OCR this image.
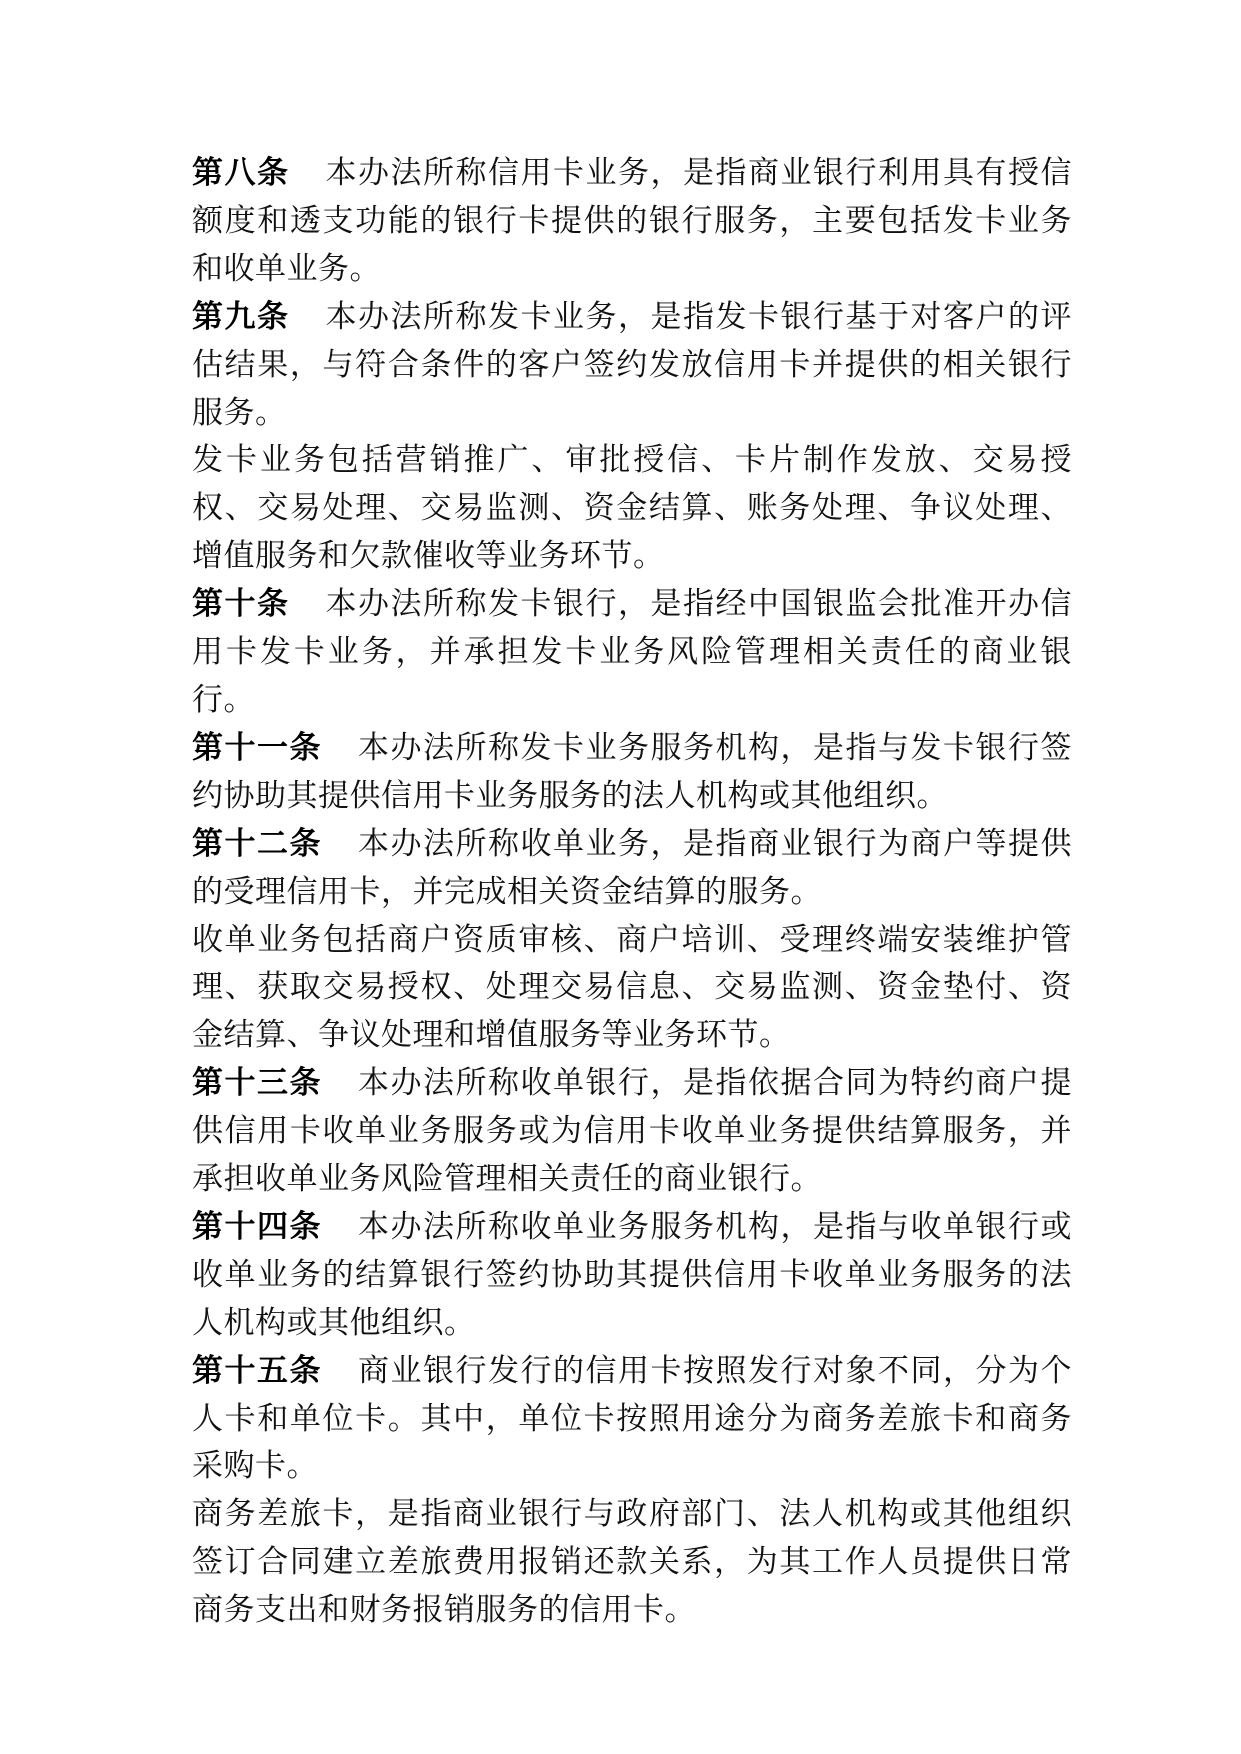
第八条 本办法所称信用卡业务，是指商业银行利用具有授信额度和透支功能的银行卡提供的银行服务，主要包括发卡业务和收单业务。

第九条 本办法所称发卡业务，是指发卡银行基于对客户的评估结果，与符合条件的客户签约发放信用卡并提供的相关银行服务。

发卡业务包括营销推广、审批授信、卡片制作发放、交易授权、交易处理、交易监测、资金结算、账务处理、争议处理、增值服务和欠款催收等业务环节。

第十条 本办法所称发卡银行，是指经中国银监会批准开办信用卡发卡业务，并承担发卡业务风险管理相关责任的商业银行。

第十一条 本办法所称发卡业务服务机构，是指与发卡银行签约协助其提供信用卡业务服务的法人机构或其他组织。

第十二条 本办法所称收单业务，是指商业银行为商户等提供的受理信用卡，并完成相关资金结算的服务。

收单业务包括商户资质审核、商户培训、受理终端安装维护管理、获取交易授权、处理交易信息、交易监测、资金垫付、资金结算、争议处理和增值服务等业务环节。

第十三条 本办法所称收单银行，是指依据合同为特约商户提供信用卡收单业务服务或为信用卡收单业务提供结算服务，并承担收单业务风险管理相关责任的商业银行。

第十四条 本办法所称收单业务服务机构，是指与收单银行或收单业务的结算银行签约协助其提供信用卡收单业务服务的法人机构或其他组织。

第十五条 商业银行发行的信用卡按照发行对象不同，分为个人卡和单位卡。其中，单位卡按照用途分为商务差旅卡和商务采购卡。

商务差旅卡，是指商业银行与政府部门、法人机构或其他组织签订合同建立差旅费用报销还款关系，为其工作人员提供日常商务支出和财务报销服务的信用卡。
